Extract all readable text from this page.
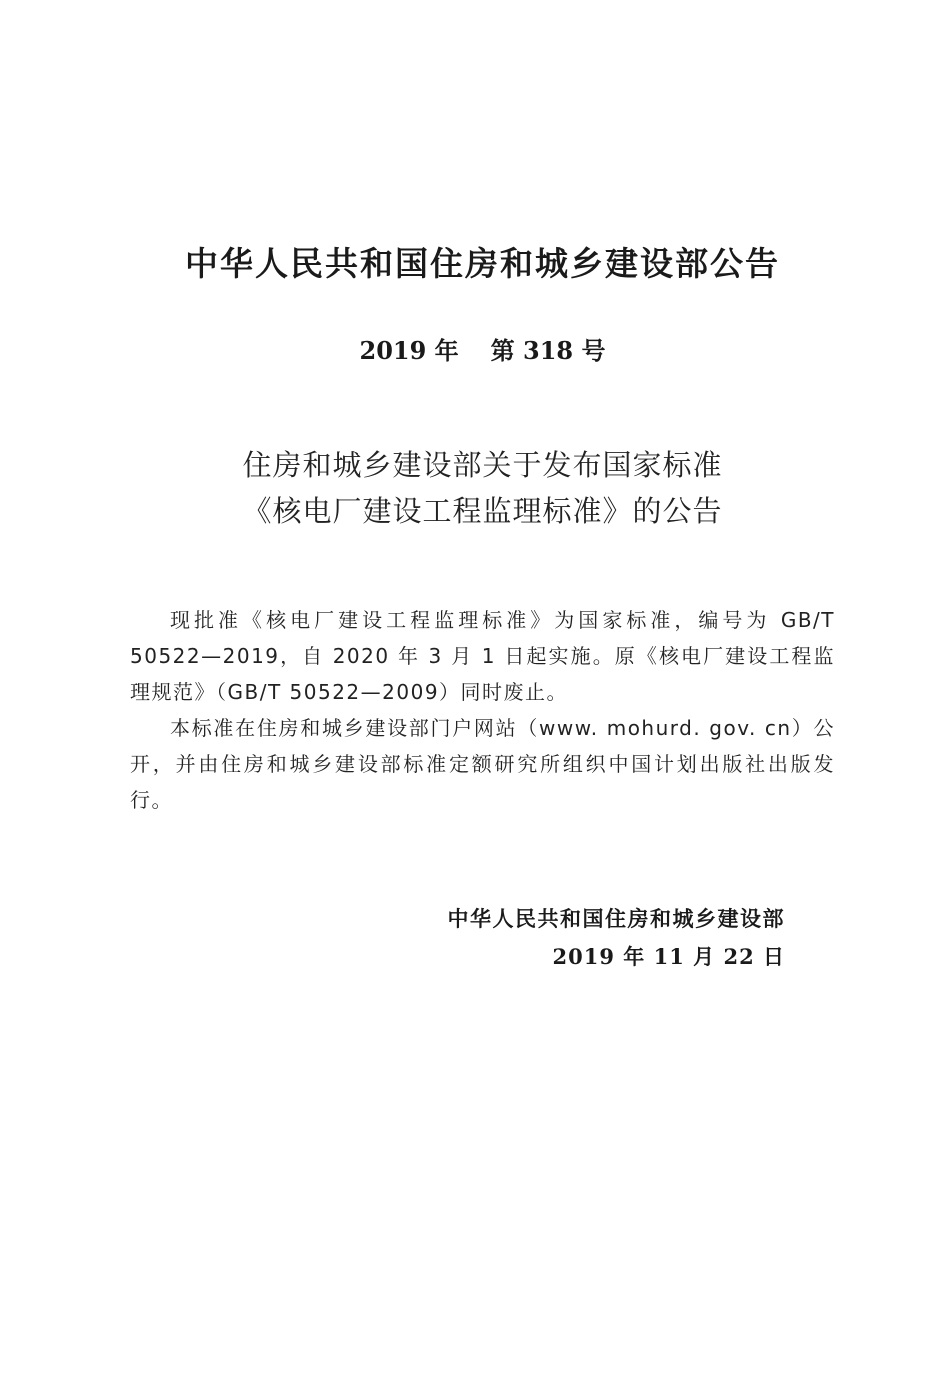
中华人民共和国住房和城乡建设部公告
2019 年 第 318 号
住房和城乡建设部关于发布国家标准
《核电厂建设工程监理标准》的公告

现批准《核电厂建设工程监理标准》为国家标准，编号为 GB/T 50522—2019，自 2020 年 3 月 1 日起实施。原《核电厂建设工程监理规范》（GB/T 50522—2009）同时废止。

本标准在住房和城乡建设部门户网站（www. mohurd. gov. cn）公开，并由住房和城乡建设部标准定额研究所组织中国计划出版社出版发行。

中华人民共和国住房和城乡建设部
2019 年 11 月 22 日
